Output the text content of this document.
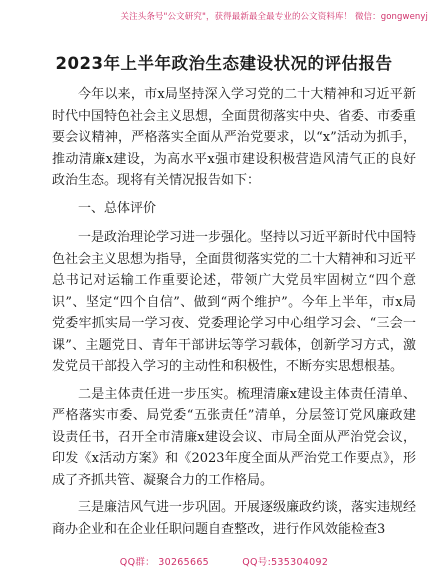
关注头条号"公文研究"，获得最新最全最专业的公文资料库！ 微信：gongwenyj
2023年上半年政治生态建设状况的评估报告

今年以来，市x局坚持深入学习党的二十大精神和习近平新时代中国特色社会主义思想，全面贯彻落实中央、省委、市委重要会议精神，严格落实全面从严治党要求，以“x”活动为抓手，推动清廉x建设，为高水平x强市建设积极营造风清气正的良好政治生态。现将有关情况报告如下：

一、总体评价

一是政治理论学习进一步强化。坚持以习近平新时代中国特色社会主义思想为指导，全面贯彻落实党的二十大精神和习近平总书记对运输工作重要论述，带领广大党员牢固树立“四个意识”、坚定“四个自信”、做到“两个维护”。今年上半年，市x局党委牢抓实局一学习夜、党委理论学习中心组学习会、“三会一课”、主题党日、青年干部讲坛等学习载体，创新学习方式，激发党员干部投入学习的主动性和积极性，不断夯实思想根基。

二是主体责任进一步压实。梳理清廉x建设主体责任清单、严格落实市委、局党委“五张责任”清单，分层签订党风廉政建设责任书，召开全市清廉x建设会议、市局全面从严治党会议，印发《x活动方案》和《2023年度全面从严治党工作要点》，形成了齐抓共管、凝聚合力的工作格局。

三是廉洁风气进一步巩固。开展逐级廉政约谈，落实违规经商办企业和在企业任职问题自查整改，进行作风效能检查3

QQ群： 30265665          QQ号:535304092
